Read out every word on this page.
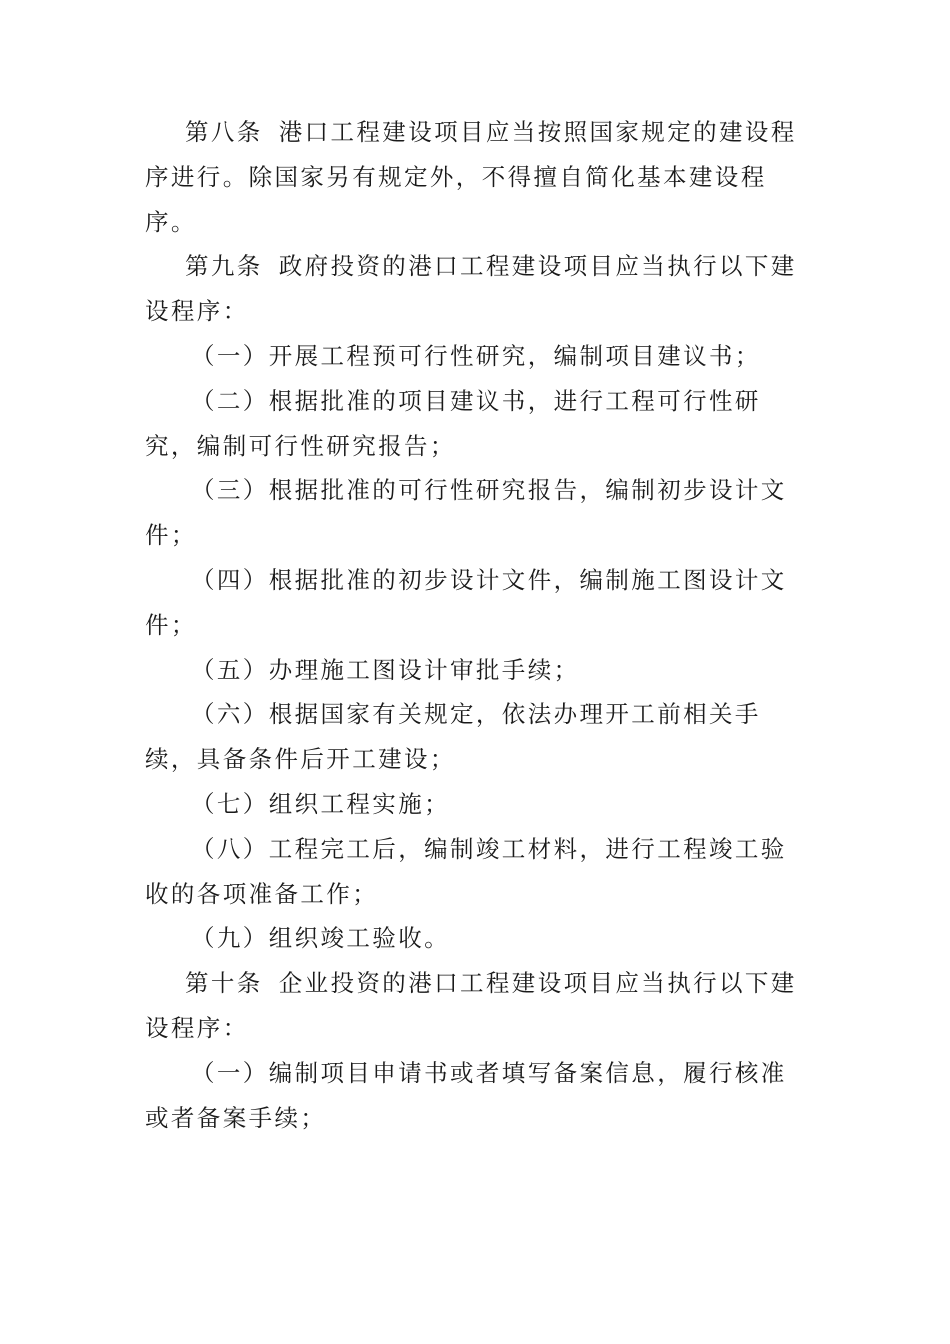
第八条 港口工程建设项目应当按照国家规定的建设程序进行。除国家另有规定外，不得擅自简化基本建设程序。

第九条 政府投资的港口工程建设项目应当执行以下建设程序：

（一）开展工程预可行性研究，编制项目建议书；

（二）根据批准的项目建议书，进行工程可行性研究，编制可行性研究报告；

（三）根据批准的可行性研究报告，编制初步设计文件；

（四）根据批准的初步设计文件，编制施工图设计文件；

（五）办理施工图设计审批手续；

（六）根据国家有关规定，依法办理开工前相关手续，具备条件后开工建设；

（七）组织工程实施；

（八）工程完工后，编制竣工材料，进行工程竣工验收的各项准备工作；

（九）组织竣工验收。

第十条 企业投资的港口工程建设项目应当执行以下建设程序：

（一）编制项目申请书或者填写备案信息，履行核准或者备案手续；
